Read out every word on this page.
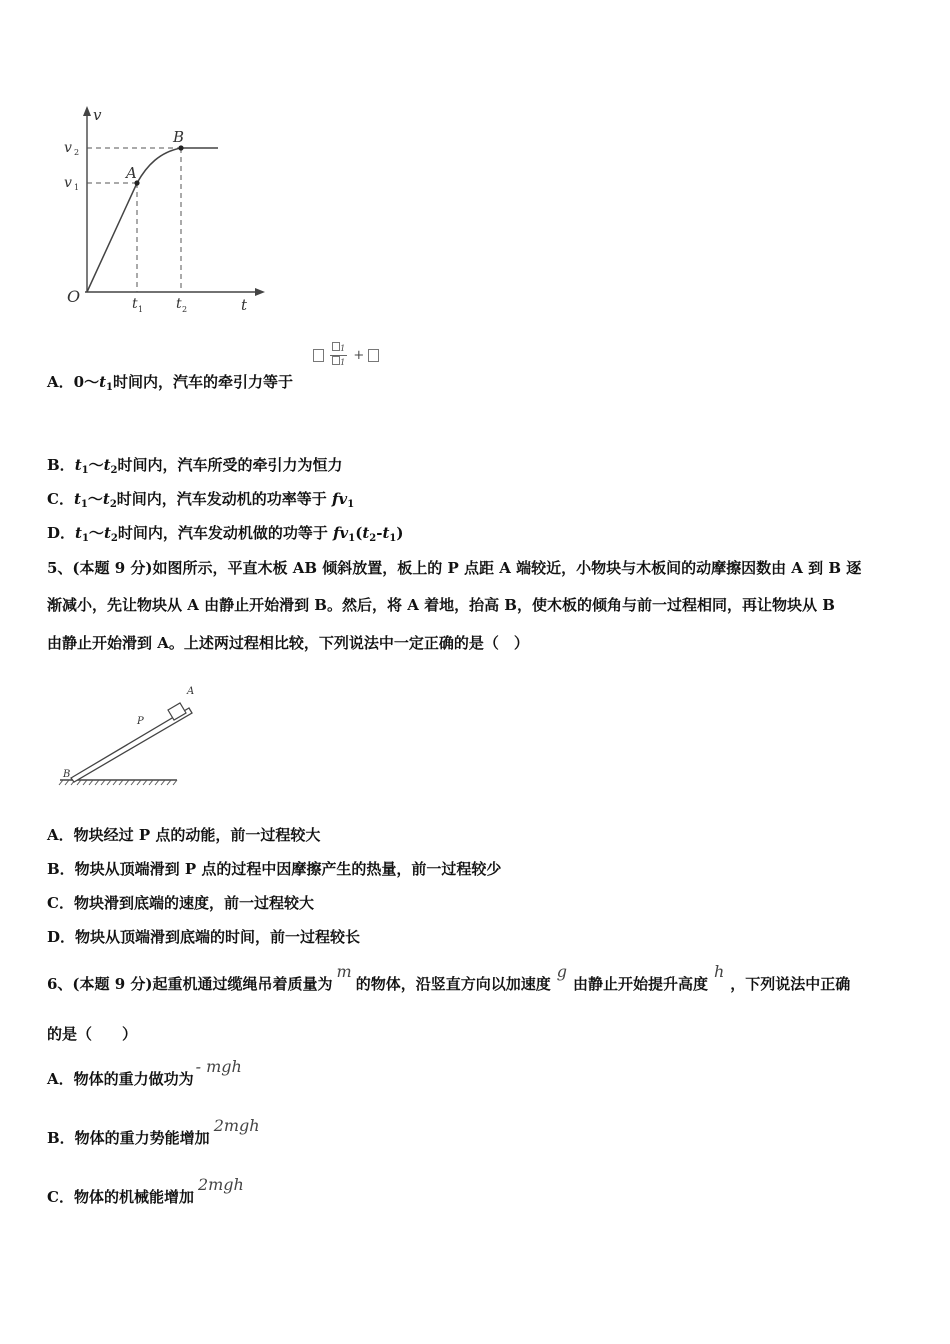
v
t
O
v 2
v 1
t 1 t 2
A
B

$\frac{1}{1}$ +
A．$0\sim t_1$时间内，汽车的牵引力等于
B．$t_1\sim t_2$时间内，汽车所受的牵引力为恒力
C．$t_1\sim t_2$时间内，汽车发动机的功率等于 $fv_1$
D．$t_1\sim t_2$时间内，汽车发动机做的功等于 $fv_1(t_2-t_1)$
5、(本题 9 分)如图所示，平直木板 AB 倾斜放置，板上的 P 点距 A 端较近，小物块与木板间的动摩擦因数由 A 到 B 逐
渐减小，先让物块从 A 由静止开始滑到 B。然后，将 A 着地，抬高 B，使木板的倾角与前一过程相同，再让物块从 B
由静止开始滑到 A。上述两过程相比较，下列说法中一定正确的是（　）
A
P
B
A．物块经过 P 点的动能，前一过程较大
B．物块从顶端滑到 P 点的过程中因摩擦产生的热量，前一过程较少
C．物块滑到底端的速度，前一过程较大
D．物块从顶端滑到底端的时间，前一过程较长
6、(本题 9 分)起重机通过缆绳吊着质量为m的物体，沿竖直方向以加速度g由静止开始提升高度h，下列说法中正确
的是（　　）
A．物体的重力做功为- mgh
B．物体的重力势能增加2mgh
C．物体的机械能增加2mgh
